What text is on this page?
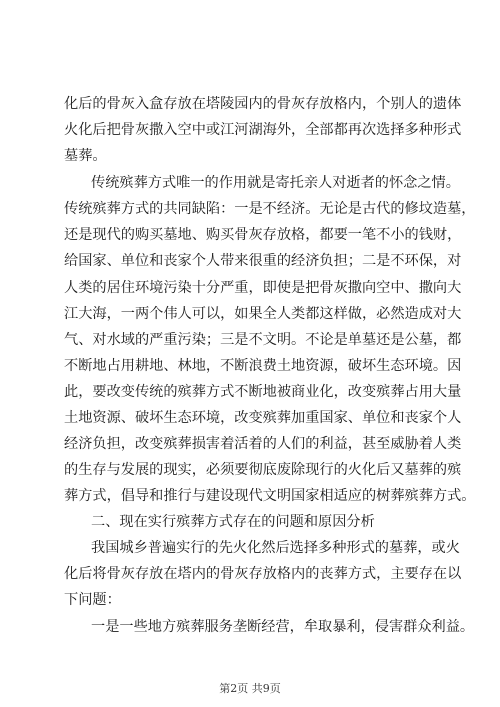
化后的骨灰入盒存放在塔陵园内的骨灰存放格内，个别人的遗体
火化后把骨灰撒入空中或江河湖海外，全部都再次选择多种形式
墓葬。
传统殡葬方式唯一的作用就是寄托亲人对逝者的怀念之情。
传统殡葬方式的共同缺陷：一是不经济。无论是古代的修坟造墓，
还是现代的购买墓地、购买骨灰存放格，都要一笔不小的钱财，
给国家、单位和丧家个人带来很重的经济负担；二是不环保，对
人类的居住环境污染十分严重，即使是把骨灰撒向空中、撒向大
江大海，一两个伟人可以，如果全人类都这样做，必然造成对大
气、对水域的严重污染；三是不文明。不论是单墓还是公墓，都
不断地占用耕地、林地，不断浪费土地资源，破坏生态环境。因
此，要改变传统的殡葬方式不断地被商业化，改变殡葬占用大量
土地资源、破坏生态环境，改变殡葬加重国家、单位和丧家个人
经济负担，改变殡葬损害着活着的人们的利益，甚至威胁着人类
的生存与发展的现实，必须要彻底废除现行的火化后又墓葬的殡
葬方式，倡导和推行与建设现代文明国家相适应的树葬殡葬方式。
二、现在实行殡葬方式存在的问题和原因分析
我国城乡普遍实行的先火化然后选择多种形式的墓葬，或火
化后将骨灰存放在塔内的骨灰存放格内的丧葬方式，主要存在以
下问题：
一是一些地方殡葬服务垄断经营，牟取暴利，侵害群众利益。
第2页 共9页
